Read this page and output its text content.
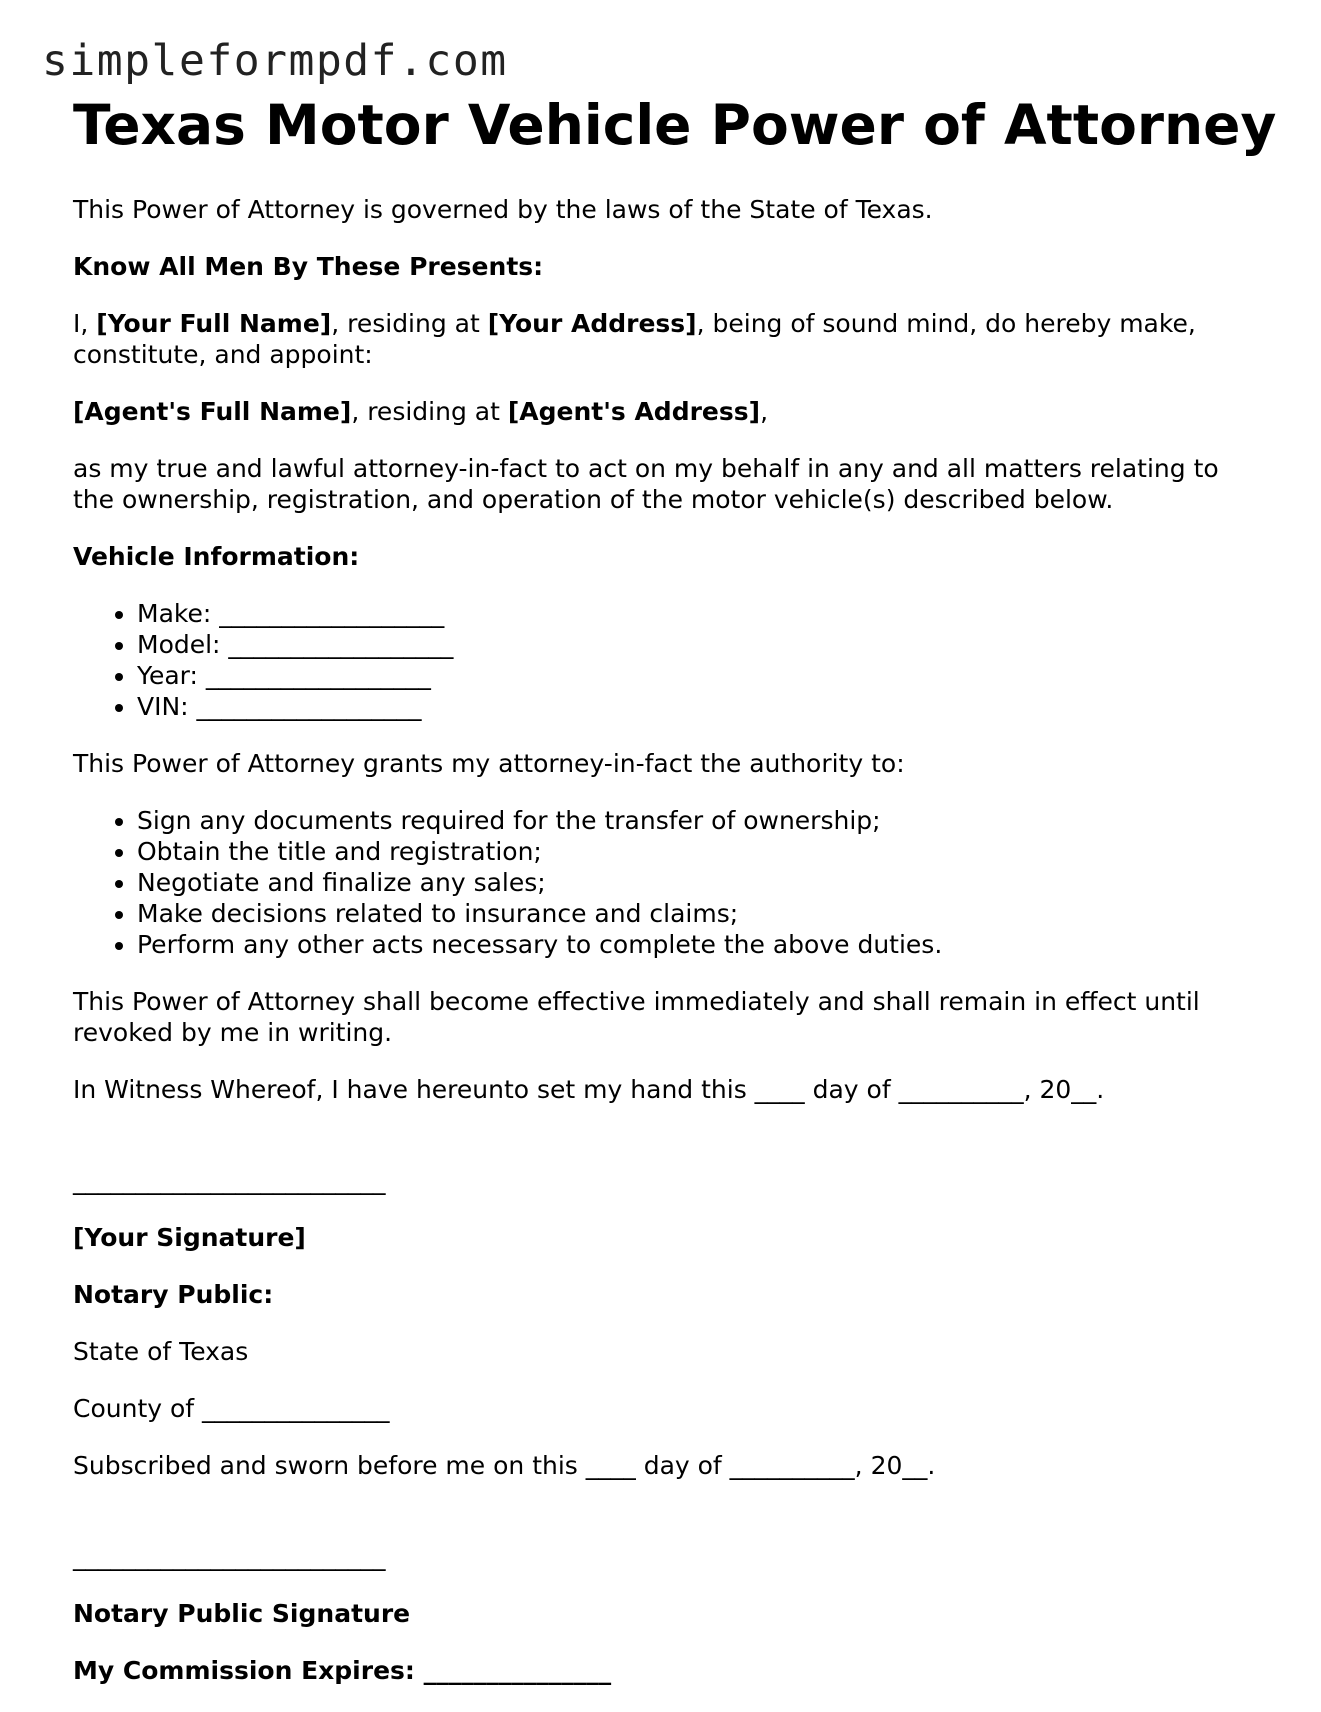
simpleformpdf.com
Texas Motor Vehicle Power of Attorney

This Power of Attorney is governed by the laws of the State of Texas.

Know All Men By These Presents:

I, [Your Full Name], residing at [Your Address], being of sound mind, do hereby make, constitute, and appoint:

[Agent's Full Name], residing at [Agent's Address],

as my true and lawful attorney-in-fact to act on my behalf in any and all matters relating to the ownership, registration, and operation of the motor vehicle(s) described below.

Vehicle Information:

• Make: __________________
• Model: __________________
• Year: __________________
• VIN: __________________

This Power of Attorney grants my attorney-in-fact the authority to:

• Sign any documents required for the transfer of ownership;
• Obtain the title and registration;
• Negotiate and finalize any sales;
• Make decisions related to insurance and claims;
• Perform any other acts necessary to complete the above duties.

This Power of Attorney shall become effective immediately and shall remain in effect until revoked by me in writing.

In Witness Whereof, I have hereunto set my hand this ____ day of __________, 20__.

_________________________

[Your Signature]

Notary Public:

State of Texas

County of _______________

Subscribed and sworn before me on this ____ day of __________, 20__.

_________________________

Notary Public Signature

My Commission Expires: _______________
